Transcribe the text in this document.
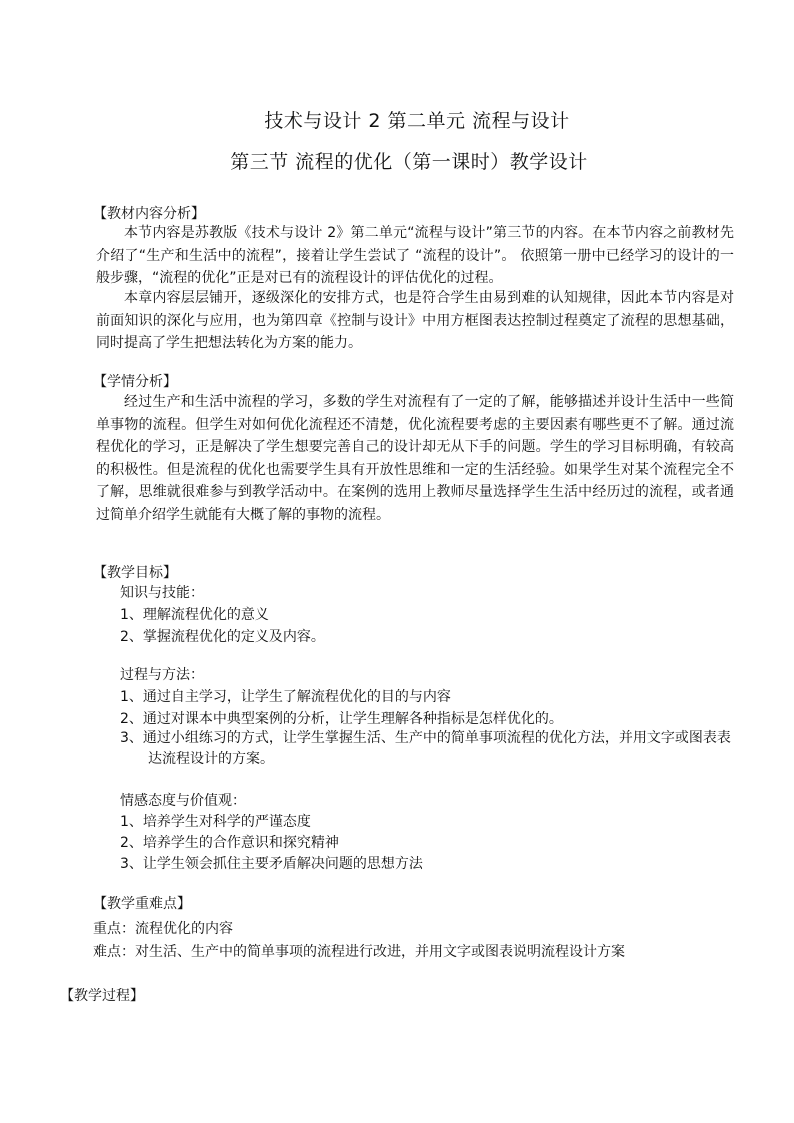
技术与设计 2 第二单元 流程与设计
第三节 流程的优化（第一课时）教学设计
【教材内容分析】
本节内容是苏教版《技术与设计 2》第二单元“流程与设计”第三节的内容。在本节内容之前教材先介绍了“生产和生活中的流程”，接着让学生尝试了 “流程的设计”。 依照第一册中已经学习的设计的一般步骤，“流程的优化”正是对已有的流程设计的评估优化的过程。
本章内容层层铺开，逐级深化的安排方式，也是符合学生由易到难的认知规律，因此本节内容是对前面知识的深化与应用，也为第四章《控制与设计》中用方框图表达控制过程奠定了流程的思想基础，同时提高了学生把想法转化为方案的能力。
【学情分析】
经过生产和生活中流程的学习，多数的学生对流程有了一定的了解，能够描述并设计生活中一些简单事物的流程。但学生对如何优化流程还不清楚，优化流程要考虑的主要因素有哪些更不了解。通过流程优化的学习，正是解决了学生想要完善自己的设计却无从下手的问题。学生的学习目标明确，有较高的积极性。但是流程的优化也需要学生具有开放性思维和一定的生活经验。如果学生对某个流程完全不了解，思维就很难参与到教学活动中。在案例的选用上教师尽量选择学生生活中经历过的流程，或者通过简单介绍学生就能有大概了解的事物的流程。
【教学目标】
知识与技能：
1、理解流程优化的意义
2、掌握流程优化的定义及内容。
过程与方法：
1、通过自主学习，让学生了解流程优化的目的与内容
2、通过对课本中典型案例的分析，让学生理解各种指标是怎样优化的。
3、通过小组练习的方式，让学生掌握生活、生产中的简单事项流程的优化方法，并用文字或图表表达流程设计的方案。
情感态度与价值观：
1、培养学生对科学的严谨态度
2、培养学生的合作意识和探究精神
3、让学生领会抓住主要矛盾解决问题的思想方法
【教学重难点】
重点：流程优化的内容
难点：对生活、生产中的简单事项的流程进行改进，并用文字或图表说明流程设计方案
【教学过程】
